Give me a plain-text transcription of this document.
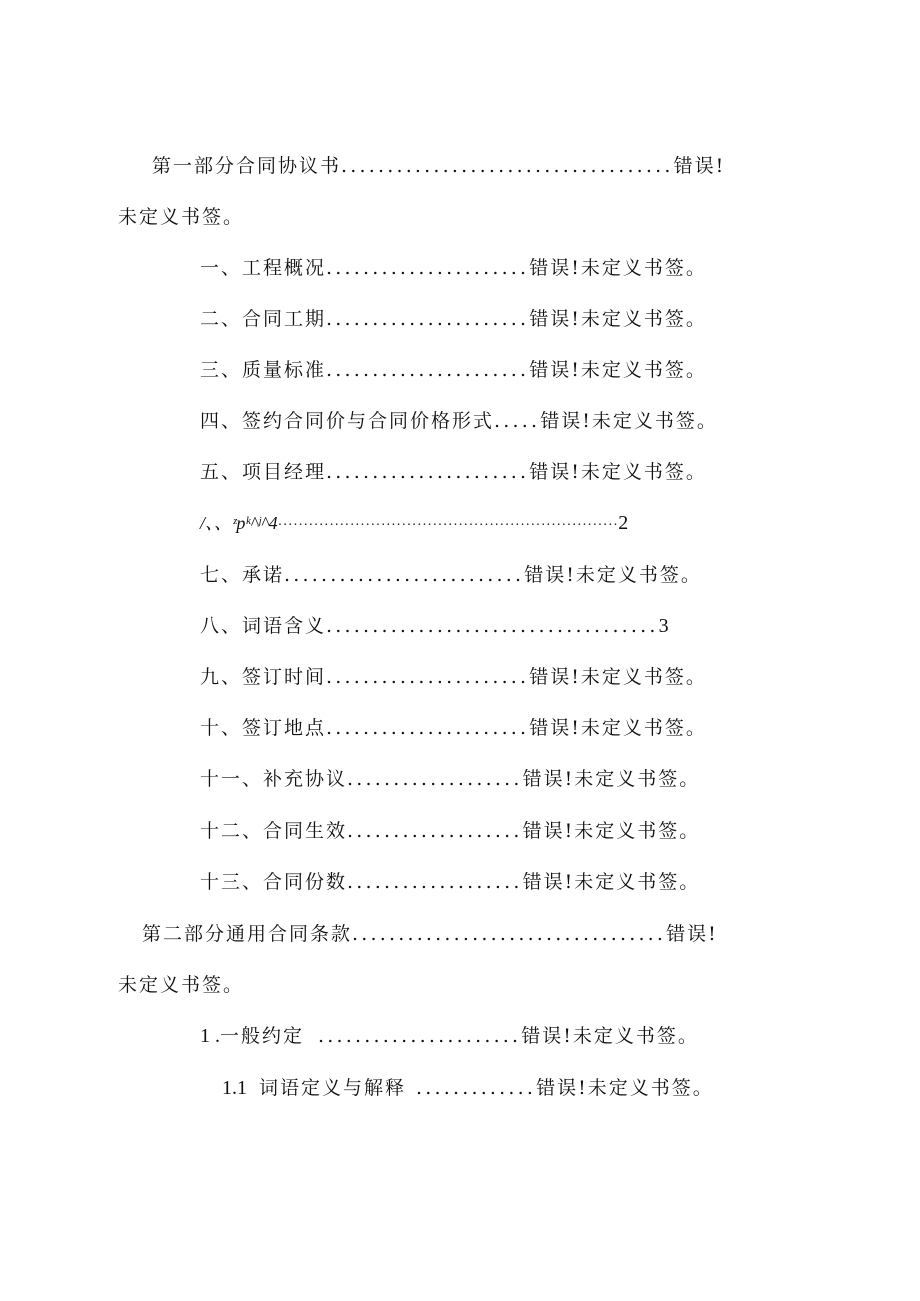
第一部分合同协议书....................................错误!
未定义书签。
一、工程概况......................错误!未定义书签。
二、合同工期......................错误!未定义书签。
三、质量标准......................错误!未定义书签。
四、签约合同价与合同价格形式.....错误!未定义书签。
五、项目经理......................错误!未定义书签。
/、、ᶻpᵏ^ʲ^4··································································2
七、承诺..........................错误!未定义书签。
八、词语含义....................................3
九、签订时间......................错误!未定义书签。
十、签订地点......................错误!未定义书签。
十一、补充协议...................错误!未定义书签。
十二、合同生效...................错误!未定义书签。
十三、合同份数...................错误!未定义书签。
第二部分通用合同条款..................................错误!
未定义书签。
1 .一般约定 ......................错误!未定义书签。
1.1 词语定义与解释 .............错误!未定义书签。
